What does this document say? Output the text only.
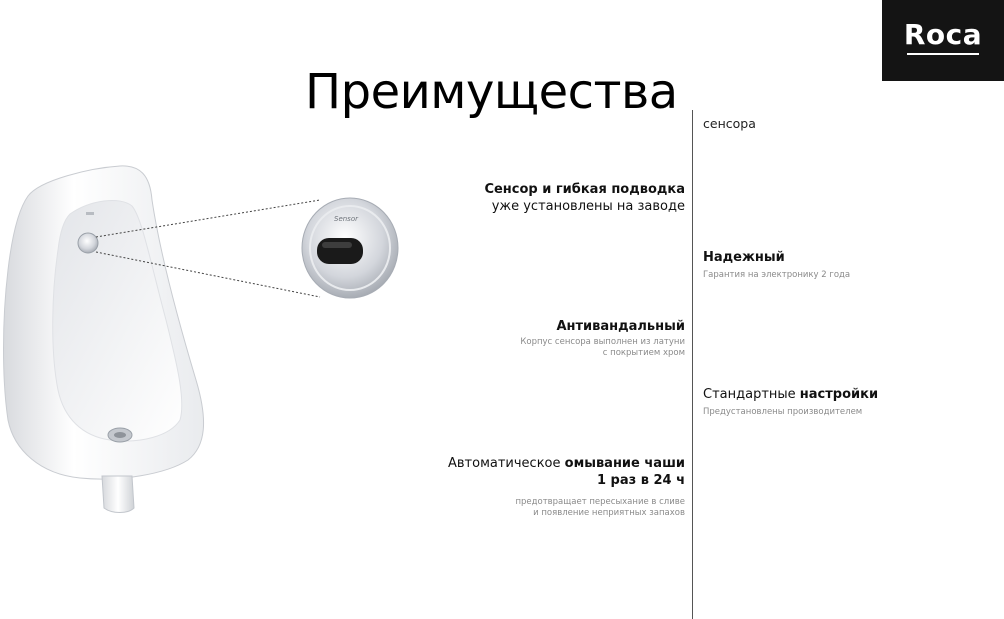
Roca
Преимущества
Sensor
Сенсор и гибкая подводка
уже установлены на заводе
Антивандальный
Корпус сенсора выполнен из латуни
с покрытием хром
Автоматическое омывание чаши
1 раз в 24 ч
предотвращает пересыхание в сливе
и появление неприятных запахов
сенсора
Надежный
Гарантия на электронику 2 года
Стандартные настройки
Предустановлены производителем
